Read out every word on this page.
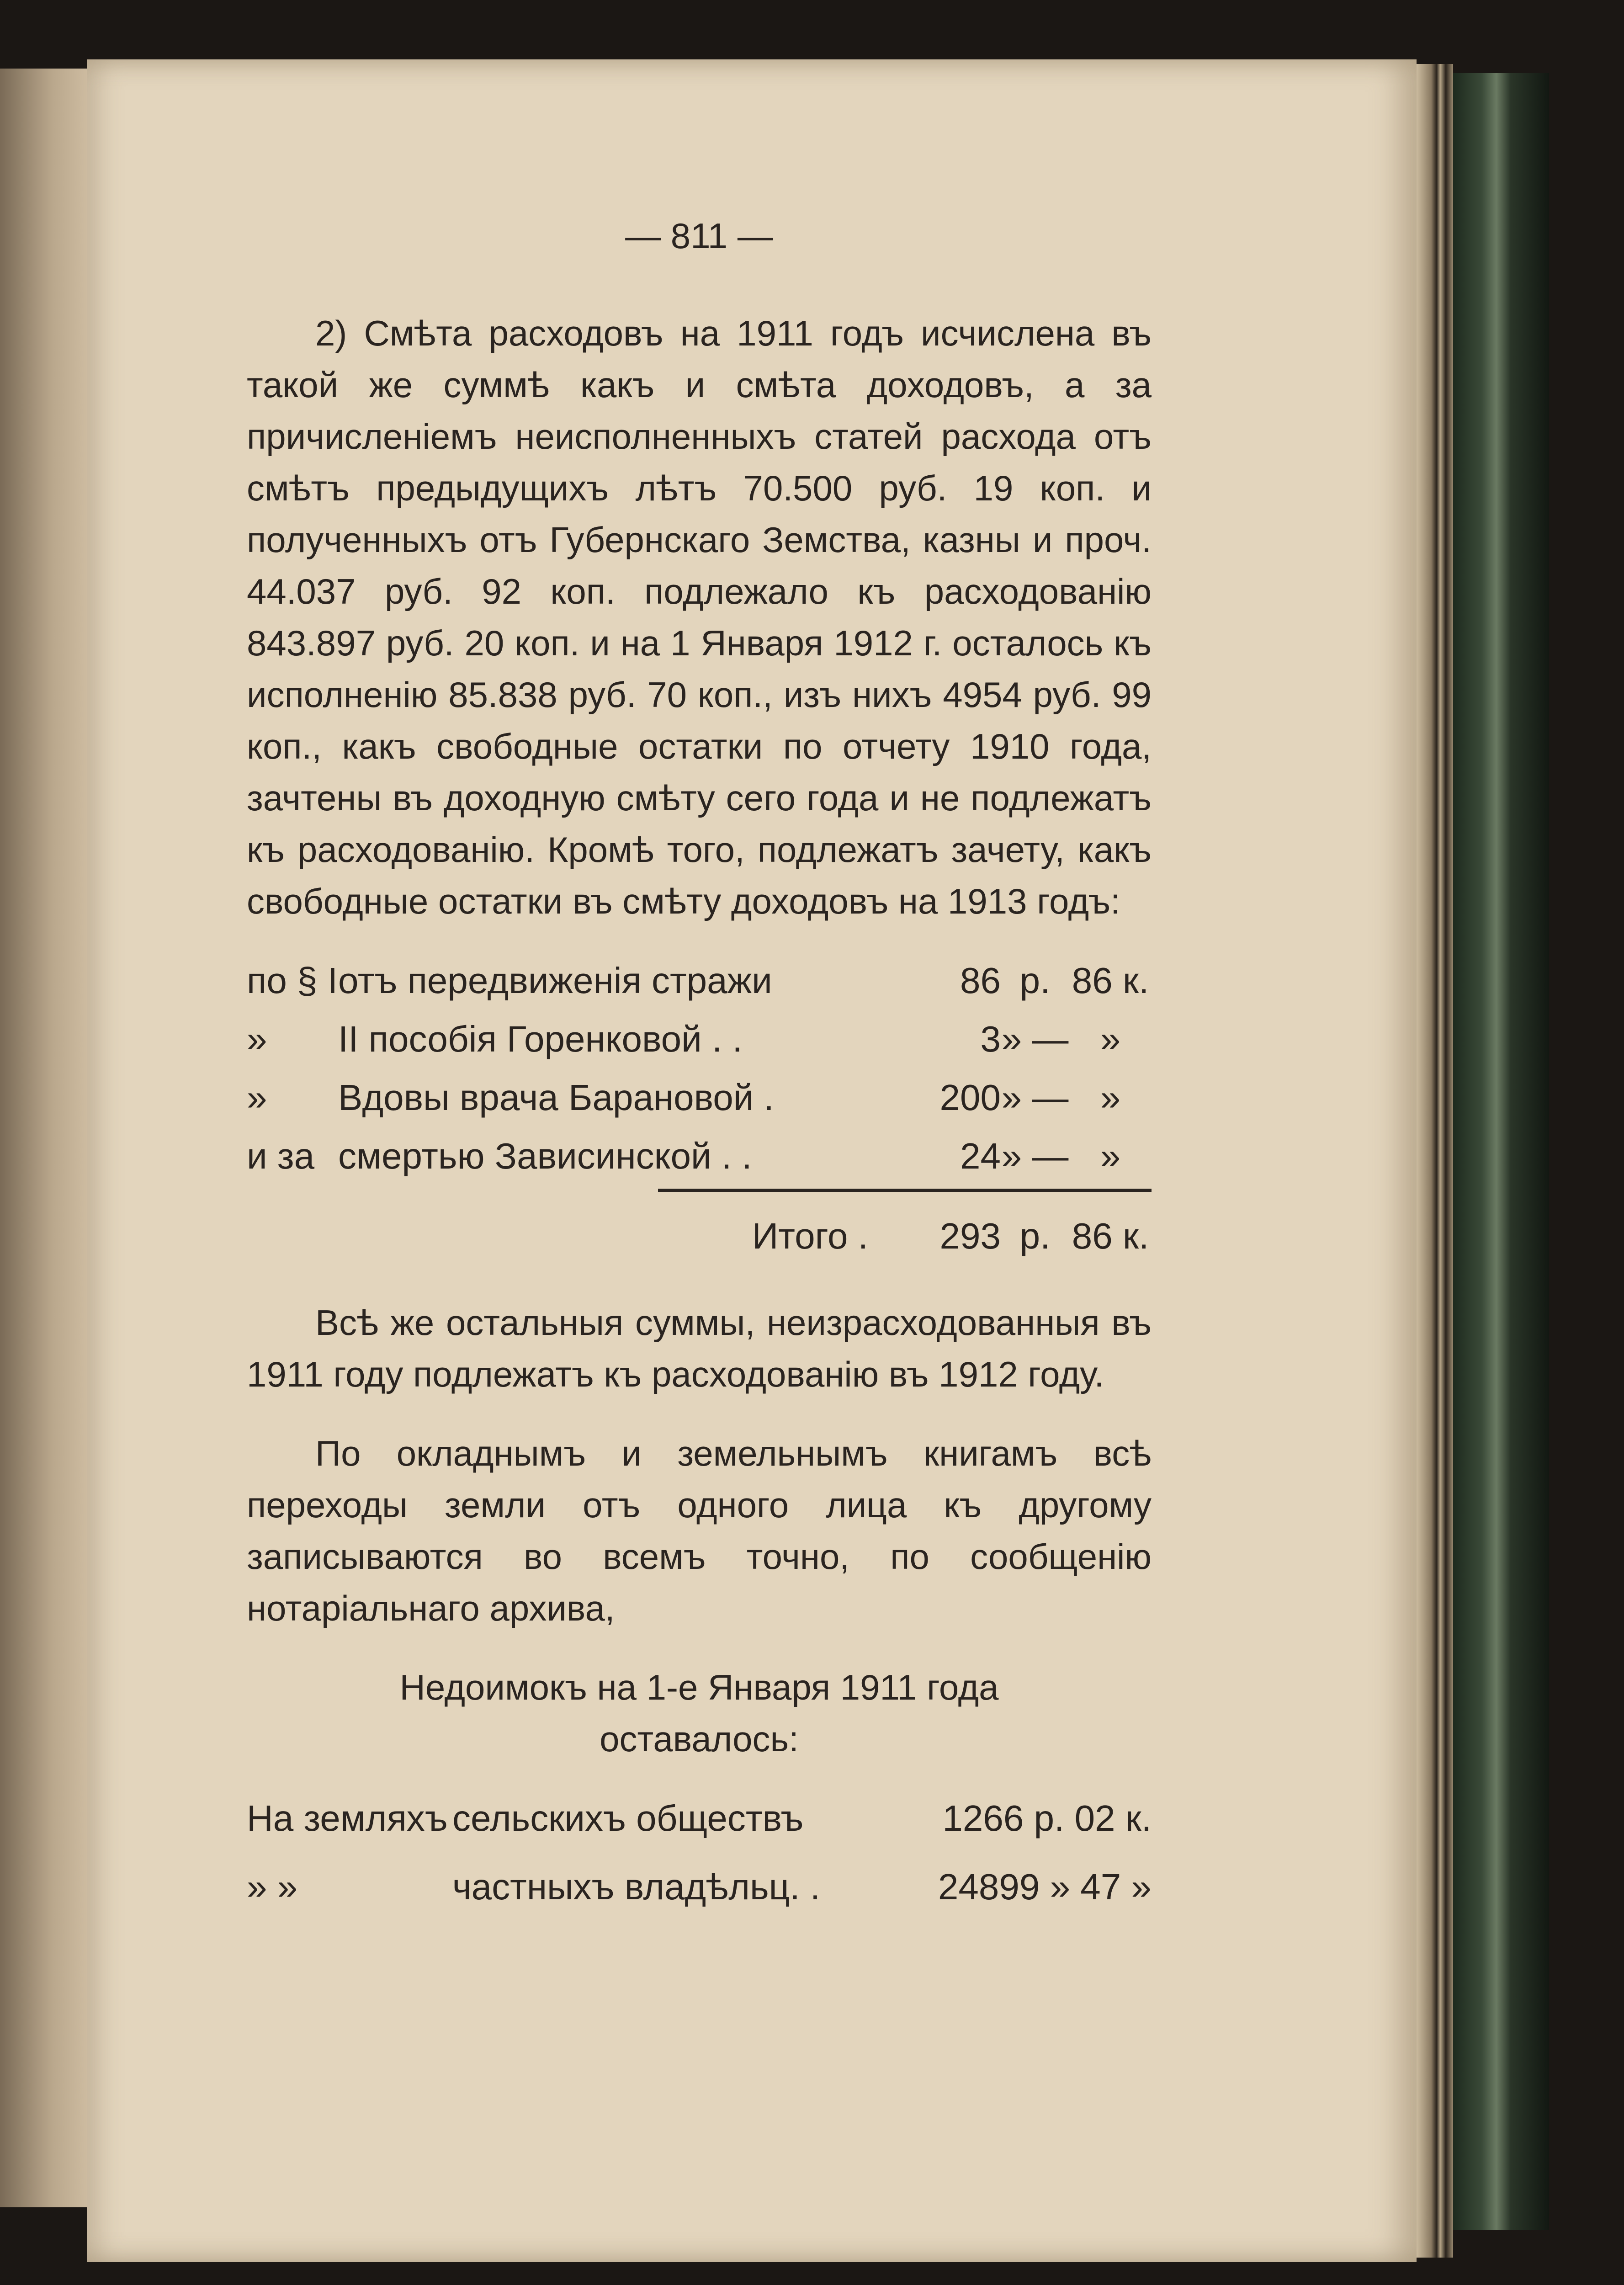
— 811 —

2) Смѣта расходовъ на 1911 годъ исчислена въ такой же суммѣ какъ и смѣта доходовъ, а за причисленіемъ неисполненныхъ статей расхода отъ смѣтъ предыдущихъ лѣтъ 70.500 руб. 19 коп. и полученныхъ отъ Губернскаго Земства, казны и проч. 44.037 руб. 92 коп. подлежало къ расходованію 843.897 руб. 20 коп. и на 1 Января 1912 г. осталось къ исполненію 85.838 руб. 70 коп., изъ нихъ 4954 руб. 99 коп., какъ свободные остатки по отчету 1910 года, зачтены въ доходную смѣту сего года и не подлежатъ къ расходованію. Кромѣ того, подлежатъ зачету, какъ свободные остатки въ смѣту доходовъ на 1913 годъ:

по § I отъ передвиженія стражи	86 р. 86 к.
»	II пособія Горенковой . .	3 » — »
»	Вдовы врача Барановой .	200 » — »
и за смертью Зависинской . .	24 » — »
Итого .	293 р. 86 к.

Всѣ же остальныя суммы, неизрасходованныя въ 1911 году подлежатъ къ расходованію въ 1912 году.

По окладнымъ и земельнымъ книгамъ всѣ переходы земли отъ одного лица къ другому записываются во всемъ точно, по сообщенію нотаріальнаго архива,

Недоимокъ на 1-е Января 1911 года
оставалось:
На земляхъ сельскихъ обществъ	1266 р. 02 к.
» »	частныхъ владѣльц. .	24899 » 47 »
